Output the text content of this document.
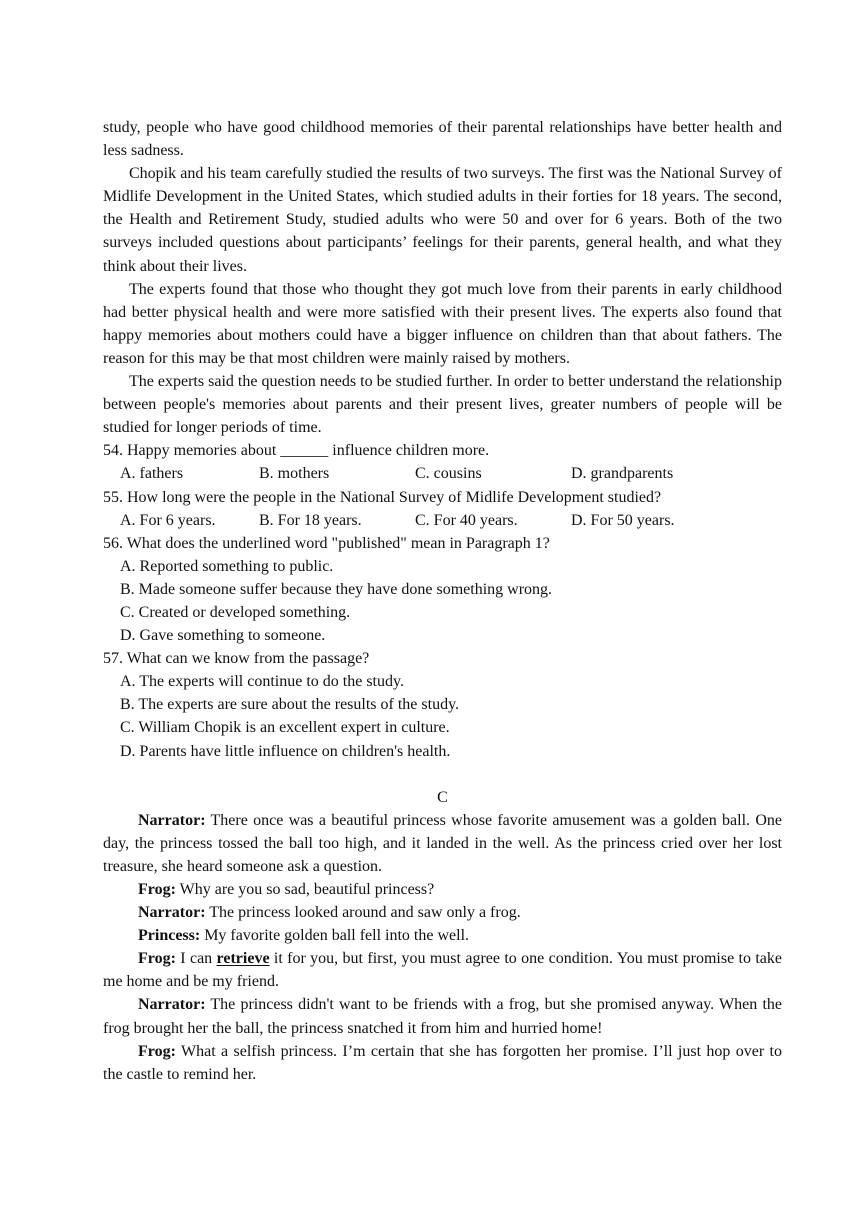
study, people who have good childhood memories of their parental relationships have better health and less sadness.

Chopik and his team carefully studied the results of two surveys. The first was the National Survey of Midlife Development in the United States, which studied adults in their forties for 18 years. The second, the Health and Retirement Study, studied adults who were 50 and over for 6 years. Both of the two surveys included questions about participants’ feelings for their parents, general health, and what they think about their lives.

The experts found that those who thought they got much love from their parents in early childhood had better physical health and were more satisfied with their present lives. The experts also found that happy memories about mothers could have a bigger influence on children than that about fathers. The reason for this may be that most children were mainly raised by mothers.

The experts said the question needs to be studied further. In order to better understand the relationship between people's memories about parents and their present lives, greater numbers of people will be studied for longer periods of time.

54. Happy memories about ______ influence children more.

A. fathers	B. mothers	C. cousins	D. grandparents

55. How long were the people in the National Survey of Midlife Development studied?

A. For 6 years.	B. For 18 years.	C. For 40 years.	D. For 50 years.

56. What does the underlined word "published" mean in Paragraph 1?

A. Reported something to public.

B. Made someone suffer because they have done something wrong.

C. Created or developed something.

D. Gave something to someone.

57. What can we know from the passage?

A. The experts will continue to do the study.

B. The experts are sure about the results of the study.

C. William Chopik is an excellent expert in culture.

D. Parents have little influence on children's health.

C

Narrator: There once was a beautiful princess whose favorite amusement was a golden ball. One day, the princess tossed the ball too high, and it landed in the well. As the princess cried over her lost treasure, she heard someone ask a question.

Frog: Why are you so sad, beautiful princess?

Narrator: The princess looked around and saw only a frog.

Princess: My favorite golden ball fell into the well.

Frog: I can retrieve it for you, but first, you must agree to one condition. You must promise to take me home and be my friend.

Narrator: The princess didn't want to be friends with a frog, but she promised anyway. When the frog brought her the ball, the princess snatched it from him and hurried home!

Frog: What a selfish princess. I’m certain that she has forgotten her promise. I’ll just hop over to the castle to remind her.
